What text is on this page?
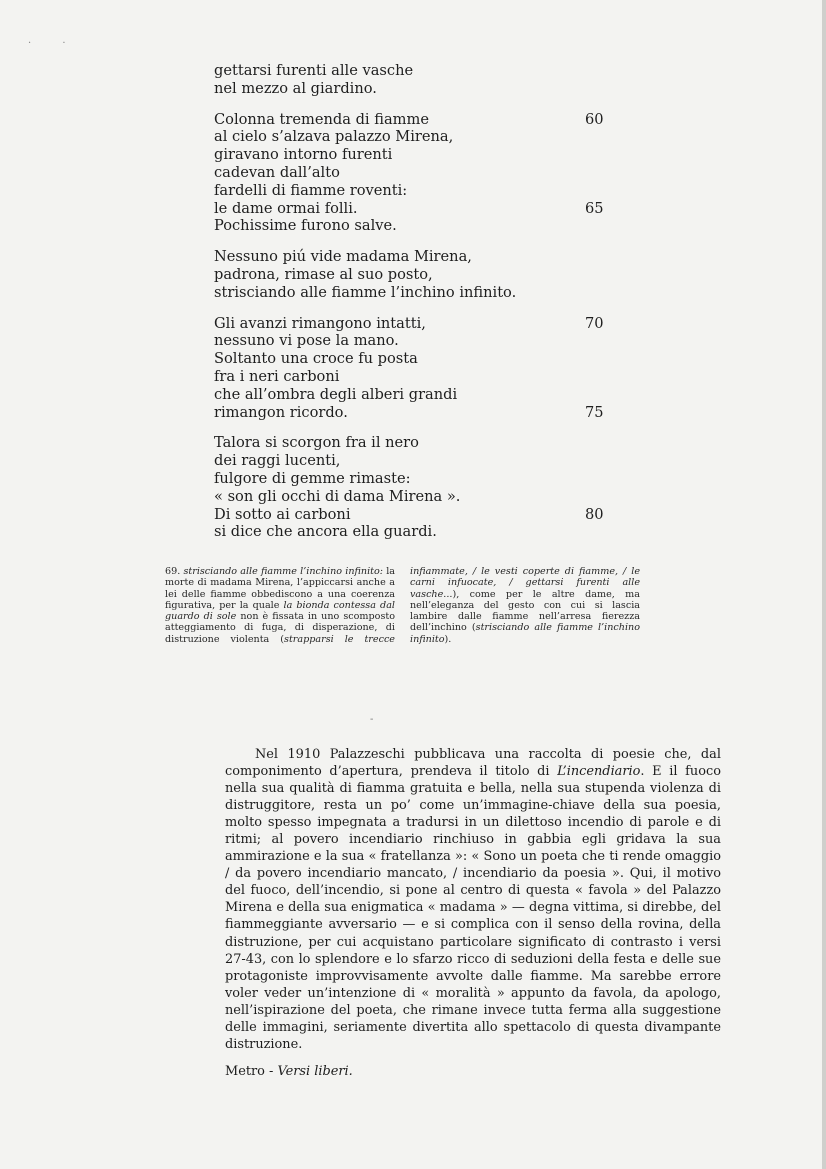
· ·
gettarsi furenti alle vasche
nel mezzo al giardino.
Colonna tremenda di fiamme	60
al cielo s’alzava palazzo Mirena,
giravano intorno furenti
cadevan dall’alto
fardelli di fiamme roventi:
le dame ormai folli.	65
Pochissime furono salve.
Nessuno piú vide madama Mirena,
padrona, rimase al suo posto,
strisciando alle fiamme l’inchino infinito.
Gli avanzi rimangono intatti,	70
nessuno vi pose la mano.
Soltanto una croce fu posta
fra i neri carboni
che all’ombra degli alberi grandi
rimangon ricordo.	75
Talora si scorgon fra il nero
dei raggi lucenti,
fulgore di gemme rimaste:
« son gli occhi di dama Mirena ».
Di sotto ai carboni	80
si dice che ancora ella guardi.

69. strisciando alle fiamme l’inchino infinito: la morte di madama Mirena, l’appiccarsi anche a lei delle fiamme obbediscono a una coerenza figurativa, per la quale la bionda contessa dal guardo di sole non è fissata in uno scomposto atteggiamento di fuga, di disperazione, di distruzione violenta (strapparsi le trecce infiammate, / le vesti coperte di fiamme, / le carni infuocate, / gettarsi furenti alle vasche...), come per le altre dame, ma nell’eleganza del gesto con cui si lascia lambire dalle fiamme nell’arresa fierezza dell’inchino (strisciando alle fiamme l’inchino infinito).

-

Nel 1910 Palazzeschi pubblicava una raccolta di poesie che, dal componimento d’apertura, prendeva il titolo di L’incendiario. E il fuoco nella sua qualità di fiamma gratuita e bella, nella sua stupenda violenza di distruggitore, resta un po’ come un’immagine-chiave della sua poesia, molto spesso impegnata a tradursi in un dilettoso incendio di parole e di ritmi; al povero incendiario rinchiuso in gabbia egli gridava la sua ammirazione e la sua « fratellanza »: « Sono un poeta che ti rende omaggio / da povero incendiario mancato, / incendiario da poesia ». Qui, il motivo del fuoco, dell’incendio, si pone al centro di questa « favola » del Palazzo Mirena e della sua enigmatica « madama » — degna vittima, si direbbe, del fiammeggiante avversario — e si complica con il senso della rovina, della distruzione, per cui acquistano particolare significato di contrasto i versi 27-43, con lo splendore e lo sfarzo ricco di seduzioni della festa e delle sue protagoniste improvvisamente avvolte dalle fiamme. Ma sarebbe errore voler veder un’intenzione di « moralità » appunto da favola, da apologo, nell’ispirazione del poeta, che rimane invece tutta ferma alla suggestione delle immagini, seriamente divertita allo spettacolo di questa divampante distruzione.

Metro - Versi liberi.
